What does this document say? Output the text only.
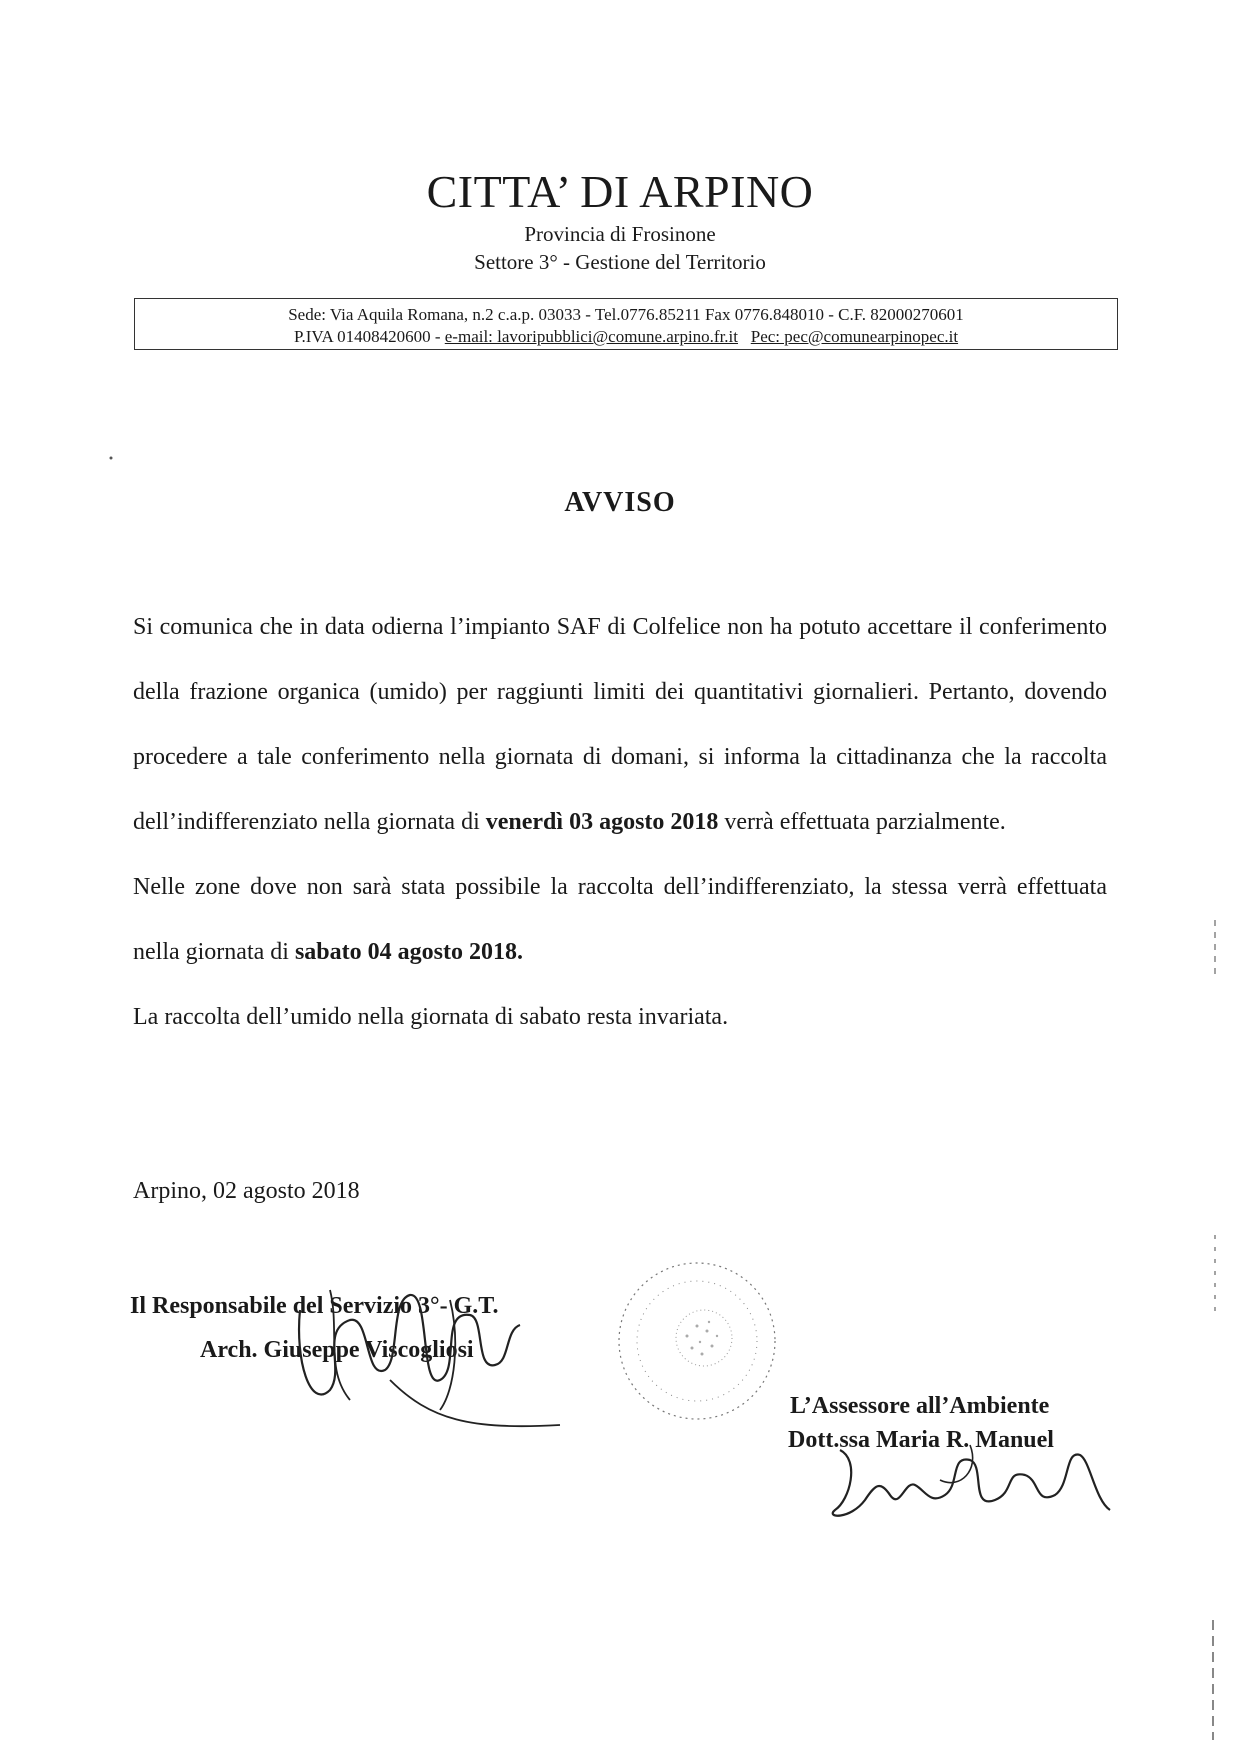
CITTA’ DI ARPINO
Provincia di Frosinone
Settore 3° - Gestione del Territorio
Sede: Via Aquila Romana, n.2 c.a.p. 03033 - Tel.0776.85211 Fax 0776.848010 - C.F. 82000270601
P.IVA 01408420600 - e-mail: lavoripubblici@comune.arpino.fr.it Pec: pec@comunearpinopec.it
AVVISO

Si comunica che in data odierna l’impianto SAF di Colfelice non ha potuto accettare il conferimento della frazione organica (umido) per raggiunti limiti dei quantitativi giornalieri. Pertanto, dovendo procedere a tale conferimento nella giornata di domani, si informa la cittadinanza che la raccolta dell’indifferenziato nella giornata di venerdì 03 agosto 2018 verrà effettuata parzialmente.

Nelle zone dove non sarà stata possibile la raccolta dell’indifferenziato, la stessa verrà effettuata nella giornata di sabato 04 agosto 2018.

La raccolta dell’umido nella giornata di sabato resta invariata.

Arpino, 02 agosto 2018
Il Responsabile del Servizio 3°- G.T.
Arch. Giuseppe Viscogliosi
L’Assessore all’Ambiente
Dott.ssa Maria R. Manuel
